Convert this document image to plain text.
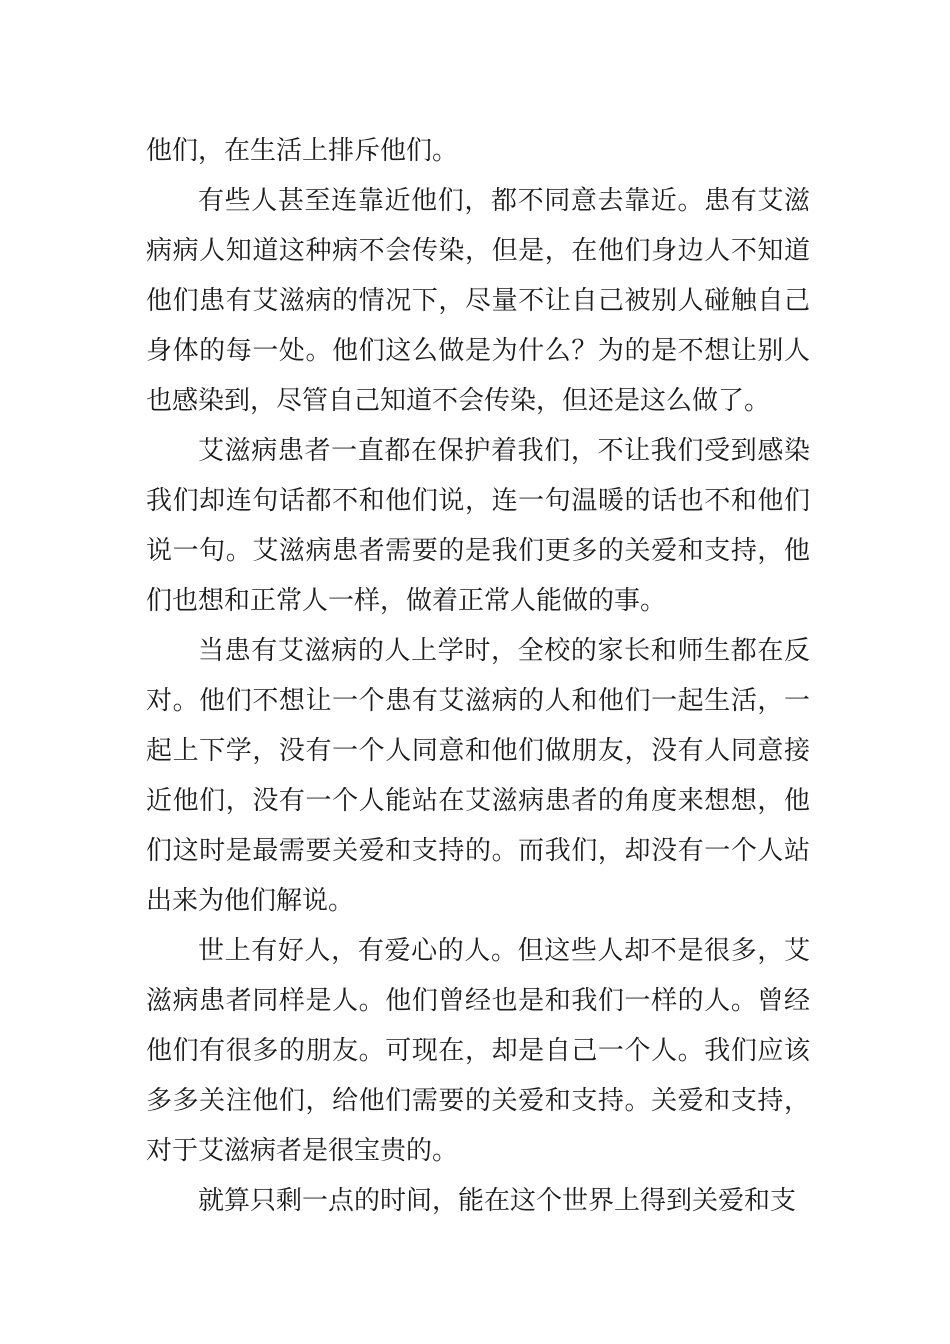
他们，在生活上排斥他们。

有些人甚至连靠近他们，都不同意去靠近。患有艾滋病病人知道这种病不会传染，但是，在他们身边人不知道他们患有艾滋病的情况下，尽量不让自己被别人碰触自己身体的每一处。他们这么做是为什么？为的是不想让别人也感染到，尽管自己知道不会传染，但还是这么做了。

艾滋病患者一直都在保护着我们，不让我们受到感染我们却连句话都不和他们说，连一句温暖的话也不和他们说一句。艾滋病患者需要的是我们更多的关爱和支持，他们也想和正常人一样，做着正常人能做的事。

当患有艾滋病的人上学时，全校的家长和师生都在反对。他们不想让一个患有艾滋病的人和他们一起生活，一起上下学，没有一个人同意和他们做朋友，没有人同意接近他们，没有一个人能站在艾滋病患者的角度来想想，他们这时是最需要关爱和支持的。而我们，却没有一个人站出来为他们解说。

世上有好人，有爱心的人。但这些人却不是很多，艾滋病患者同样是人。他们曾经也是和我们一样的人。曾经他们有很多的朋友。可现在，却是自己一个人。我们应该多多关注他们，给他们需要的关爱和支持。关爱和支持，对于艾滋病者是很宝贵的。

就算只剩一点的时间，能在这个世界上得到关爱和支
